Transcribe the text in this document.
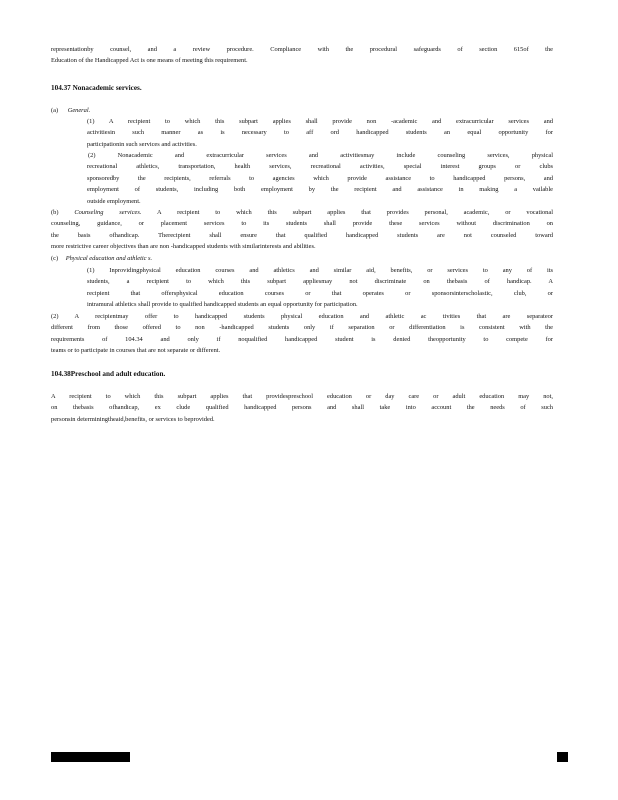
representationby counsel, and a review procedure. Compliance with the procedural safeguards of section 615of the
Education of the Handicapped Act is one means of meeting this requirement.
104.37 Nonacademic services.
(a) General.
(1) A recipient to which this subpart applies shall provide non -academic and extracurricular services and
activitiesin such manner as is necessary to aff ord handicapped students an equal opportunity for
participationin such services and activities.
(2) Nonacademic and extracurricular services and activitiesmay include counseling services, physical
recreational athletics, transportation, health services, recreational activities, special interest groups or clubs
sponsoredby the recipients, referrals to agencies which provide assistance to handicapped persons, and
employment of students, including both employment by the recipient and assistance in making a vailable
outside employment.
(b) Counseling services. A recipient to which this subpart applies that provides personal, academic, or vocational
counseling, guidance, or placement services to its students shall provide these services without discrimination on
the basis ofhandicap. Therecipient shall ensure that qualified handicapped students are not counseled toward
more restrictive career objectives than are non -handicapped students with similarinterests and abilities.
(c) Physical education and athletic s.
(1) Inprovidingphysical education courses and athletics and similar aid, benefits, or services to any of its
students, a recipient to which this subpart appliesmay not discriminate on thebasis of handicap. A
recipient that offersphysical education courses or that operates or sponsorsinterscholastic, club, or
intramural athletics shall provide to qualified handicapped students an equal opportunity for participation.
(2) A recipientmay offer to handicapped students physical education and athletic ac tivities that are separateor
different from those offered to non -handicapped students only if separation or differentiation is consistent with the
requirements of 104.34 and only if noqualified handicapped student is denied theopportunity to compete for
teams or to participate in courses that are not separate or different.
104.38Preschool and adult education.
A recipient to which this subpart applies that providespreschool education or day care or adult education may not,
on thebasis ofhandicap, ex clude qualified handicapped persons and shall take into account the needs of such
personsin determiningtheaid,benefits, or services to beprovided.
